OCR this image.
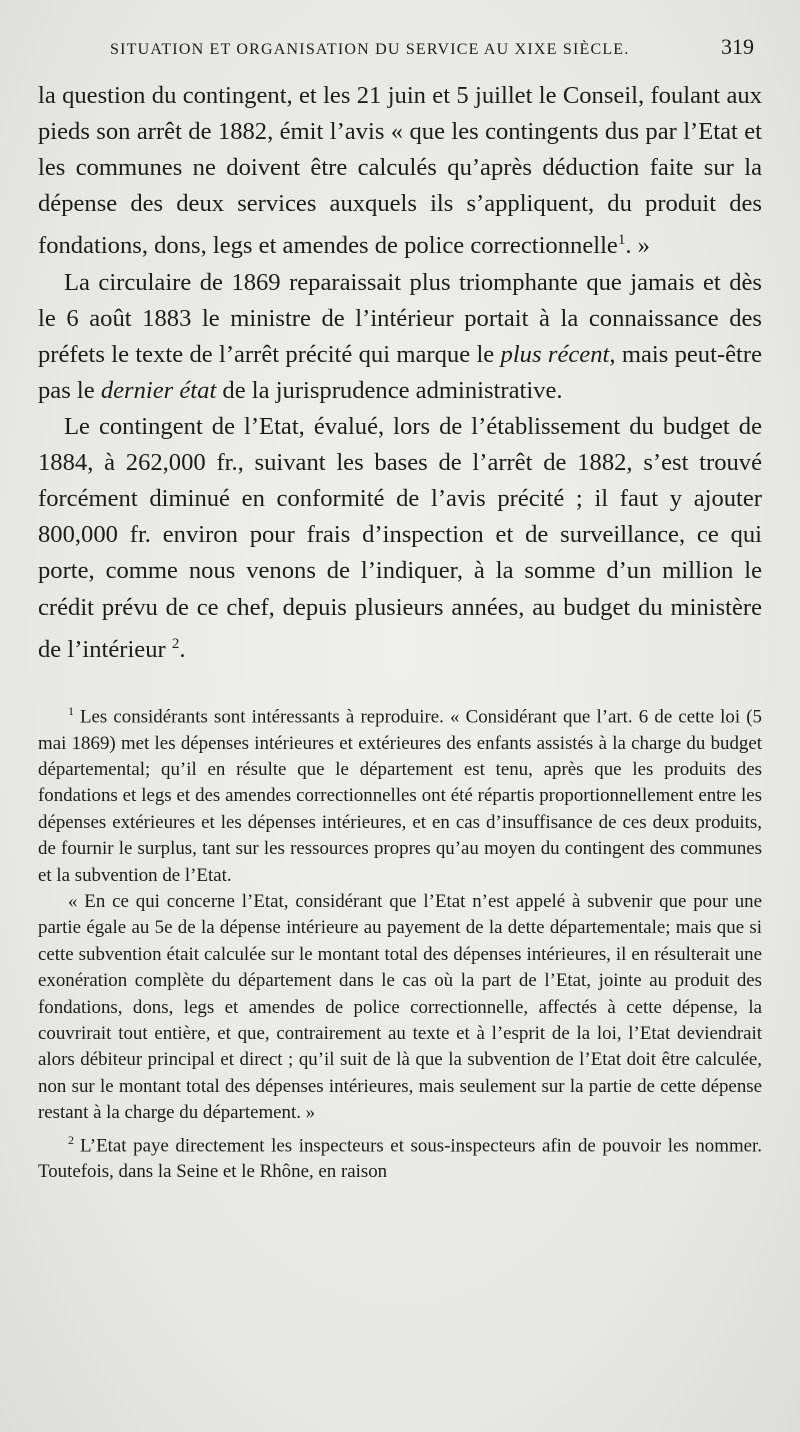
SITUATION ET ORGANISATION DU SERVICE AU XIXE SIÈCLE.	319

la question du contingent, et les 21 juin et 5 juillet le Conseil, foulant aux pieds son arrêt de 1882, émit l’avis « que les contingents dus par l’Etat et les communes ne doivent être calculés qu’après déduction faite sur la dépense des deux services auxquels ils s’appliquent, du produit des fondations, dons, legs et amendes de police correctionnelle$^1$. »

La circulaire de 1869 reparaissait plus triomphante que jamais et dès le 6 août 1883 le ministre de l’intérieur portait à la connaissance des préfets le texte de l’arrêt précité qui marque le plus récent, mais peut-être pas le dernier état de la jurisprudence administrative.

Le contingent de l’Etat, évalué, lors de l’établissement du budget de 1884, à 262,000 fr., suivant les bases de l’arrêt de 1882, s’est trouvé forcément diminué en conformité de l’avis précité ; il faut y ajouter 800,000 fr. environ pour frais d’inspection et de surveillance, ce qui porte, comme nous venons de l’indiquer, à la somme d’un million le crédit prévu de ce chef, depuis plusieurs années, au budget du ministère de l’intérieur $^2$.

$^1$ Les considérants sont intéressants à reproduire. « Considérant que l’art. 6 de cette loi (5 mai 1869) met les dépenses intérieures et extérieures des enfants assistés à la charge du budget départemental; qu’il en résulte que le département est tenu, après que les produits des fondations et legs et des amendes correctionnelles ont été répartis proportionnellement entre les dépenses extérieures et les dépenses intérieures, et en cas d’insuffisance de ces deux produits, de fournir le surplus, tant sur les ressources propres qu’au moyen du contingent des communes et la subvention de l’Etat.

« En ce qui concerne l’Etat, considérant que l’Etat n’est appelé à subvenir que pour une partie égale au 5e de la dépense intérieure au payement de la dette départementale; mais que si cette subvention était calculée sur le montant total des dépenses intérieures, il en résulterait une exonération complète du département dans le cas où la part de l’Etat, jointe au produit des fondations, dons, legs et amendes de police correctionnelle, affectés à cette dépense, la couvrirait tout entière, et que, contrairement au texte et à l’esprit de la loi, l’Etat deviendrait alors débiteur principal et direct ; qu’il suit de là que la subvention de l’Etat doit être calculée, non sur le montant total des dépenses intérieures, mais seulement sur la partie de cette dépense restant à la charge du département. »

$^2$ L’Etat paye directement les inspecteurs et sous-inspecteurs afin de pouvoir les nommer. Toutefois, dans la Seine et le Rhône, en raison
